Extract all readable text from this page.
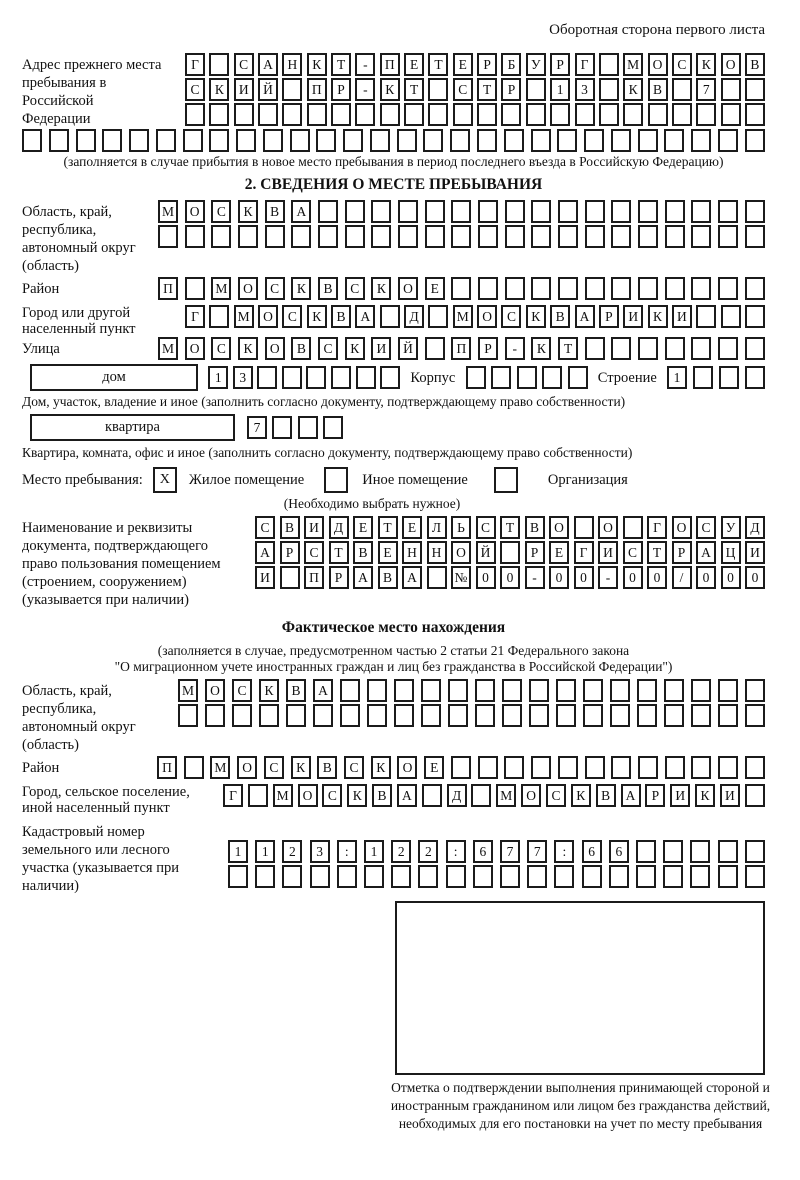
Оборотная сторона первого листа
Адрес прежнего места пребывания в Российской Федерации
Г	С	А	Н	К	Т	-	П	Е	Т	Е	Р	Б	У	Р	Г	М О	С	К	О	В
С	К	И	Й	П	Р	-	К	Т	С	Т	Р	1	3	К	В	7
(заполняется в случае прибытия в новое место пребывания в период последнего въезда в Российскую Федерацию)
2. СВЕДЕНИЯ О МЕСТЕ ПРЕБЫВАНИЯ
Область, край, республика, автономный округ (область)
М	О	С	К	В	А
Район	П	М	О	С	К	В	С	К	О	Е
Город или другой населенный пункт
Г	М О	С	К	В	А	Д	М О	С	К	В	А	Р	И	К	И
Улица	М	О	С	К	О	В	С	К	И	Й	П	Р	-	К	Т
дом	1	3	Корпус	Строение	1
Дом, участок, владение и иное (заполнить согласно документу, подтверждающему право собственности)
квартира	7
Квартира, комната, офис и иное (заполнить согласно документу, подтверждающему право собственности)
Место пребывания:	X	Жилое помещение	Иное помещение	Организация
(Необходимо выбрать нужное)
Наименование и реквизиты документа, подтверждающего право пользования помещением (строением, сооружением) (указывается при наличии)
С	В	И	Д	Е	Т	Е	Л	Ь	С	Т	В	О	О	Г	О	С	У	Д
А	Р	С	Т	В	Е	Н	Н	О	Й	Р	Е	Г	И	С	Т	Р	А	Ц	И
И	П	Р	А	В	А	№	0	0	-	0	0	-	0	0	/	0	0	0
Фактическое место нахождения
(заполняется в случае, предусмотренном частью 2 статьи 21 Федерального закона
"О миграционном учете иностранных граждан и лиц без гражданства в Российской Федерации")
Область, край, республика, автономный округ (область)
М	О	С	К	В	А
Район	П	М	О	С	К	В	С	К	О	Е
Город, сельское поселение, иной населенный пункт
Г	М	О	С	К	В	А	Д	М	О	С	К	В	А	Р	И	К	И
Кадастровый номер земельного или лесного участка (указывается при наличии)
1	1	2	3	:	1	2	2	:	6	7	7	:	6	6
Отметка о подтверждении выполнения принимающей стороной и иностранным гражданином или лицом без гражданства действий, необходимых для его постановки на учет по месту пребывания
